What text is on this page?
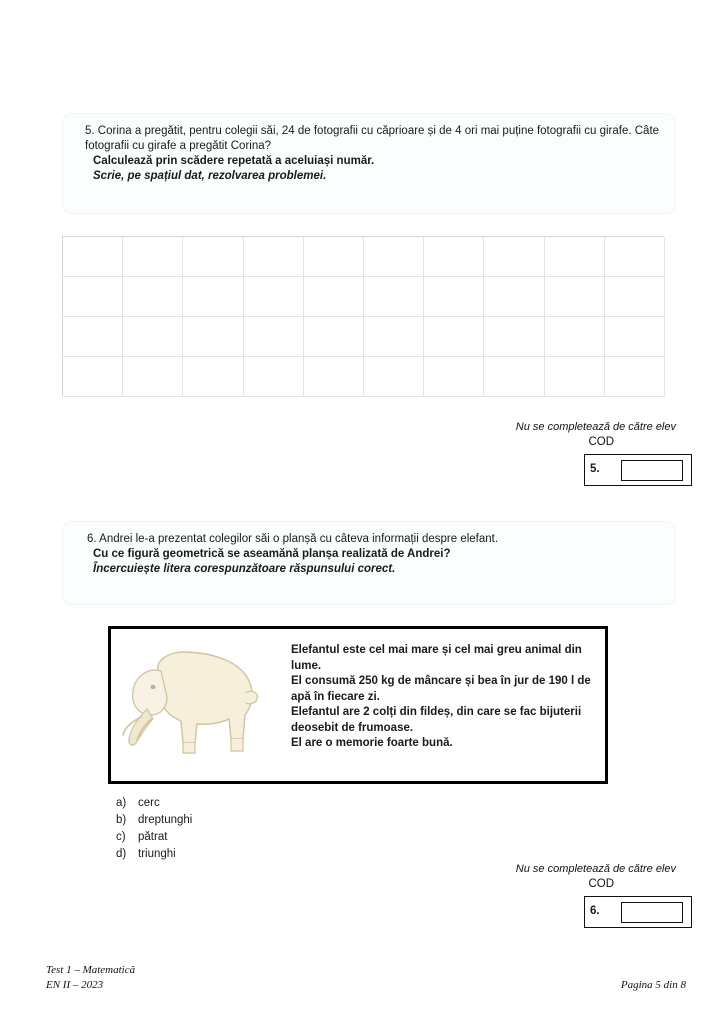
5. Corina a pregătit, pentru colegii săi, 24 de fotografii cu căprioare și de 4 ori mai puține fotografii cu girafe. Câte fotografii cu girafe a pregătit Corina?
Calculează prin scădere repetată a aceluiași număr.
Scrie, pe spațiul dat, rezolvarea problemei.
Nu se completează de către elev
COD
5.
6. Andrei le-a prezentat colegilor săi o planșă cu câteva informații despre elefant.
Cu ce figură geometrică se aseamănă planșa realizată de Andrei?
Încercuiește litera corespunzătoare răspunsului corect.
Elefantul este cel mai mare și cel mai greu animal din lume.
El consumă 250 kg de mâncare și bea în jur de 190 l de apă în fiecare zi.
Elefantul are 2 colți din fildeș, din care se fac bijuterii deosebit de frumoase.
El are o memorie foarte bună.
a) cerc
b) dreptunghi
c) pătrat
d) triunghi
Nu se completează de către elev
COD
6.
Test 1 – Matematică
EN II – 2023	Pagina 5 din 8
